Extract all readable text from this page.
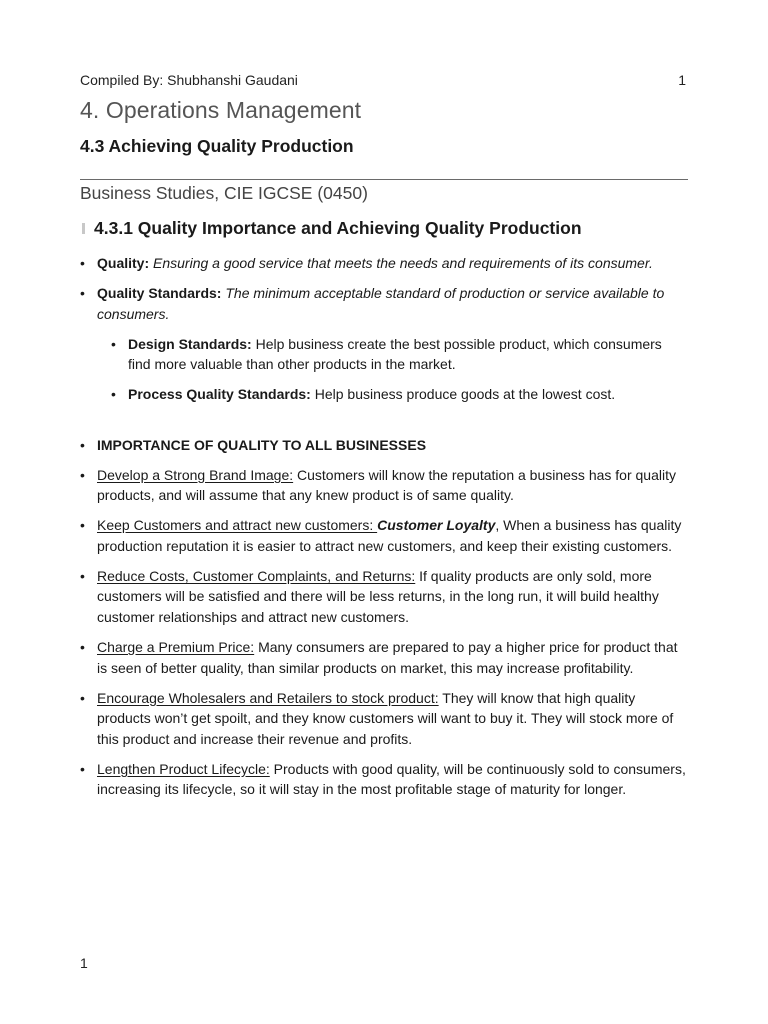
Compiled By: Shubhanshi Gaudani	1
4. Operations Management
4.3 Achieving Quality Production
Business Studies, CIE IGCSE (0450)
4.3.1 Quality Importance and Achieving Quality Production
• Quality: Ensuring a good service that meets the needs and requirements of its consumer.
• Quality Standards: The minimum acceptable standard of production or service available to consumers.
• Design Standards: Help business create the best possible product, which consumers find more valuable than other products in the market.
• Process Quality Standards: Help business produce goods at the lowest cost.
• IMPORTANCE OF QUALITY TO ALL BUSINESSES
• Develop a Strong Brand Image: Customers will know the reputation a business has for quality products, and will assume that any knew product is of same quality.
• Keep Customers and attract new customers: Customer Loyalty, When a business has quality production reputation it is easier to attract new customers, and keep their existing customers.
• Reduce Costs, Customer Complaints, and Returns: If quality products are only sold, more customers will be satisfied and there will be less returns, in the long run, it will build healthy customer relationships and attract new customers.
• Charge a Premium Price: Many consumers are prepared to pay a higher price for product that is seen of better quality, than similar products on market, this may increase profitability.
• Encourage Wholesalers and Retailers to stock product: They will know that high quality products won’t get spoilt, and they know customers will want to buy it. They will stock more of this product and increase their revenue and profits.
• Lengthen Product Lifecycle: Products with good quality, will be continuously sold to consumers, increasing its lifecycle, so it will stay in the most profitable stage of maturity for longer.
1
